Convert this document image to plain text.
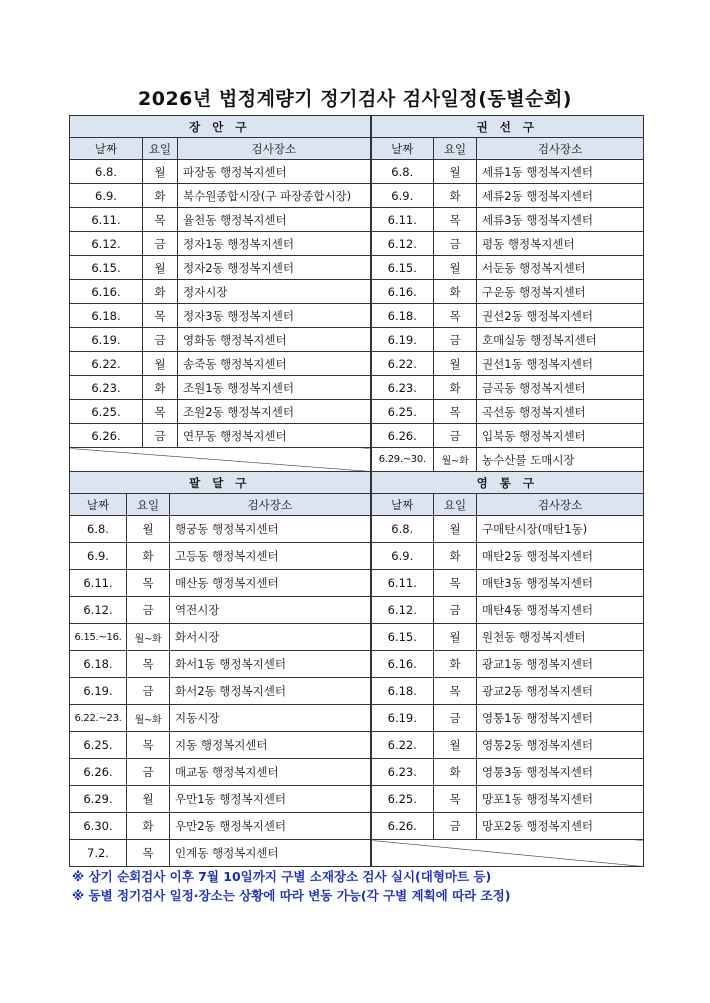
2026년 법정계량기 정기검사 검사일정(동별순회)
장 안 구			권 선 구		
날짜	요일	검사장소	날짜	요일	검사장소
6.8.	월	파장동 행정복지센터	6.8.	월	세류1동 행정복지센터
6.9.	화	북수원종합시장(구 파장종합시장)	6.9.	화	세류2동 행정복지센터
6.11.	목	율천동 행정복지센터	6.11.	목	세류3동 행정복지센터
6.12.	금	정자1동 행정복지센터	6.12.	금	평동 행정복지센터
6.15.	월	정자2동 행정복지센터	6.15.	월	서둔동 행정복지센터
6.16.	화	정자시장	6.16.	화	구운동 행정복지센터
6.18.	목	정자3동 행정복지센터	6.18.	목	권선2동 행정복지센터
6.19.	금	영화동 행정복지센터	6.19.	금	호매실동 행정복지센터
6.22.	월	송죽동 행정복지센터	6.22.	월	권선1동 행정복지센터
6.23.	화	조원1동 행정복지센터	6.23.	화	금곡동 행정복지센터
6.25.	목	조원2동 행정복지센터	6.25.	목	곡선동 행정복지센터
6.26.	금	연무동 행정복지센터	6.26.	금	입북동 행정복지센터
			6.29.~30.	월~화	농수산물 도매시장
팔 달 구			영 통 구		
날짜	요일	검사장소	날짜	요일	검사장소
6.8.	월	행궁동 행정복지센터	6.8.	월	구매탄시장(매탄1동)
6.9.	화	고등동 행정복지센터	6.9.	화	매탄2동 행정복지센터
6.11.	목	매산동 행정복지센터	6.11.	목	매탄3동 행정복지센터
6.12.	금	역전시장	6.12.	금	매탄4동 행정복지센터
6.15.~16.	월~화	화서시장	6.15.	월	원천동 행정복지센터
6.18.	목	화서1동 행정복지센터	6.16.	화	광교1동 행정복지센터
6.19.	금	화서2동 행정복지센터	6.18.	목	광교2동 행정복지센터
6.22.~23.	월~화	지동시장	6.19.	금	영통1동 행정복지센터
6.25.	목	지동 행정복지센터	6.22.	월	영통2동 행정복지센터
6.26.	금	매교동 행정복지센터	6.23.	화	영통3동 행정복지센터
6.29.	월	우만1동 행정복지센터	6.25.	목	망포1동 행정복지센터
6.30.	화	우만2동 행정복지센터	6.26.	금	망포2동 행정복지센터
7.2.	목	인계동 행정복지센터			
※ 상기 순회검사 이후 7월 10일까지 구별 소재장소 검사 실시(대형마트 등)
※ 동별 정기검사 일정·장소는 상황에 따라 변동 가능(각 구별 계획에 따라 조정)
